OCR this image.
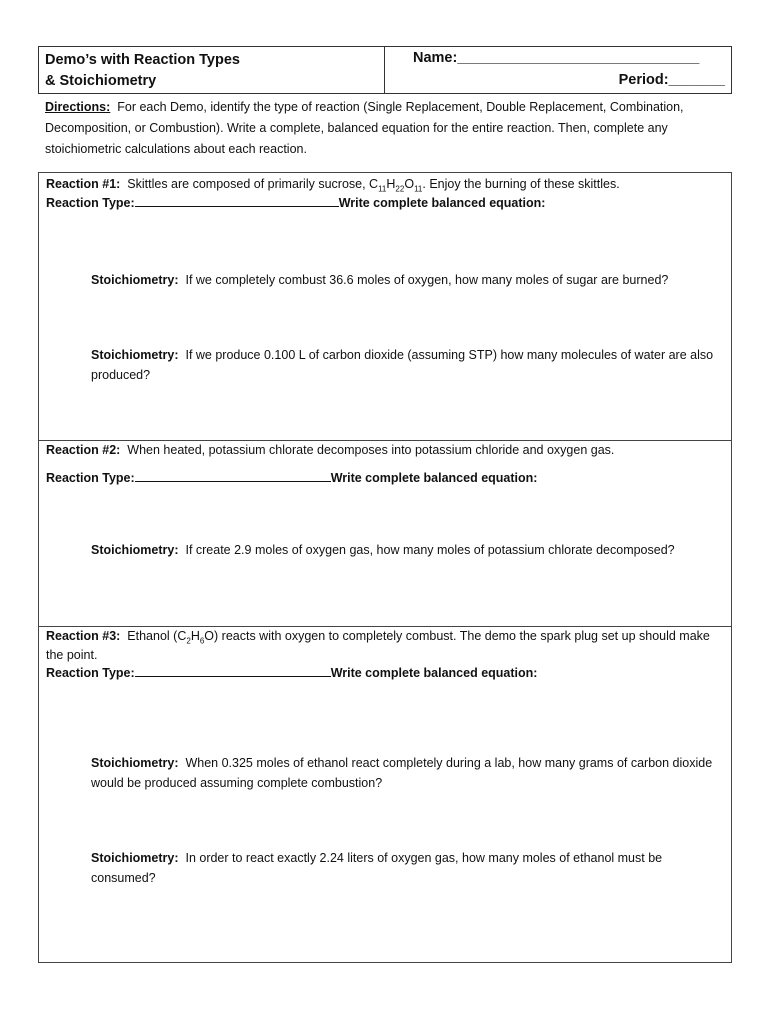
Demo’s with Reaction Types
& Stoichiometry
Name:______________________________
Period:_______
Directions: For each Demo, identify the type of reaction (Single Replacement, Double Replacement, Combination, Decomposition, or Combustion). Write a complete, balanced equation for the entire reaction. Then, complete any stoichiometric calculations about each reaction.
Reaction #1: Skittles are composed of primarily sucrose, $C_{11}H_{22}O_{11}$. Enjoy the burning of these skittles.
Reaction Type:	Write complete balanced equation:
Stoichiometry: If we completely combust 36.6 moles of oxygen, how many moles of sugar are burned?
Stoichiometry: If we produce 0.100 L of carbon dioxide (assuming STP) how many molecules of water are also produced?
Reaction #2: When heated, potassium chlorate decomposes into potassium chloride and oxygen gas.
Reaction Type:	Write complete balanced equation:
Stoichiometry: If create 2.9 moles of oxygen gas, how many moles of potassium chlorate decomposed?
Reaction #3: Ethanol $(C_2H_6O)$ reacts with oxygen to completely combust. The demo the spark plug set up should make the point.
Reaction Type:	Write complete balanced equation:
Stoichiometry: When 0.325 moles of ethanol react completely during a lab, how many grams of carbon dioxide would be produced assuming complete combustion?
Stoichiometry: In order to react exactly 2.24 liters of oxygen gas, how many moles of ethanol must be consumed?
